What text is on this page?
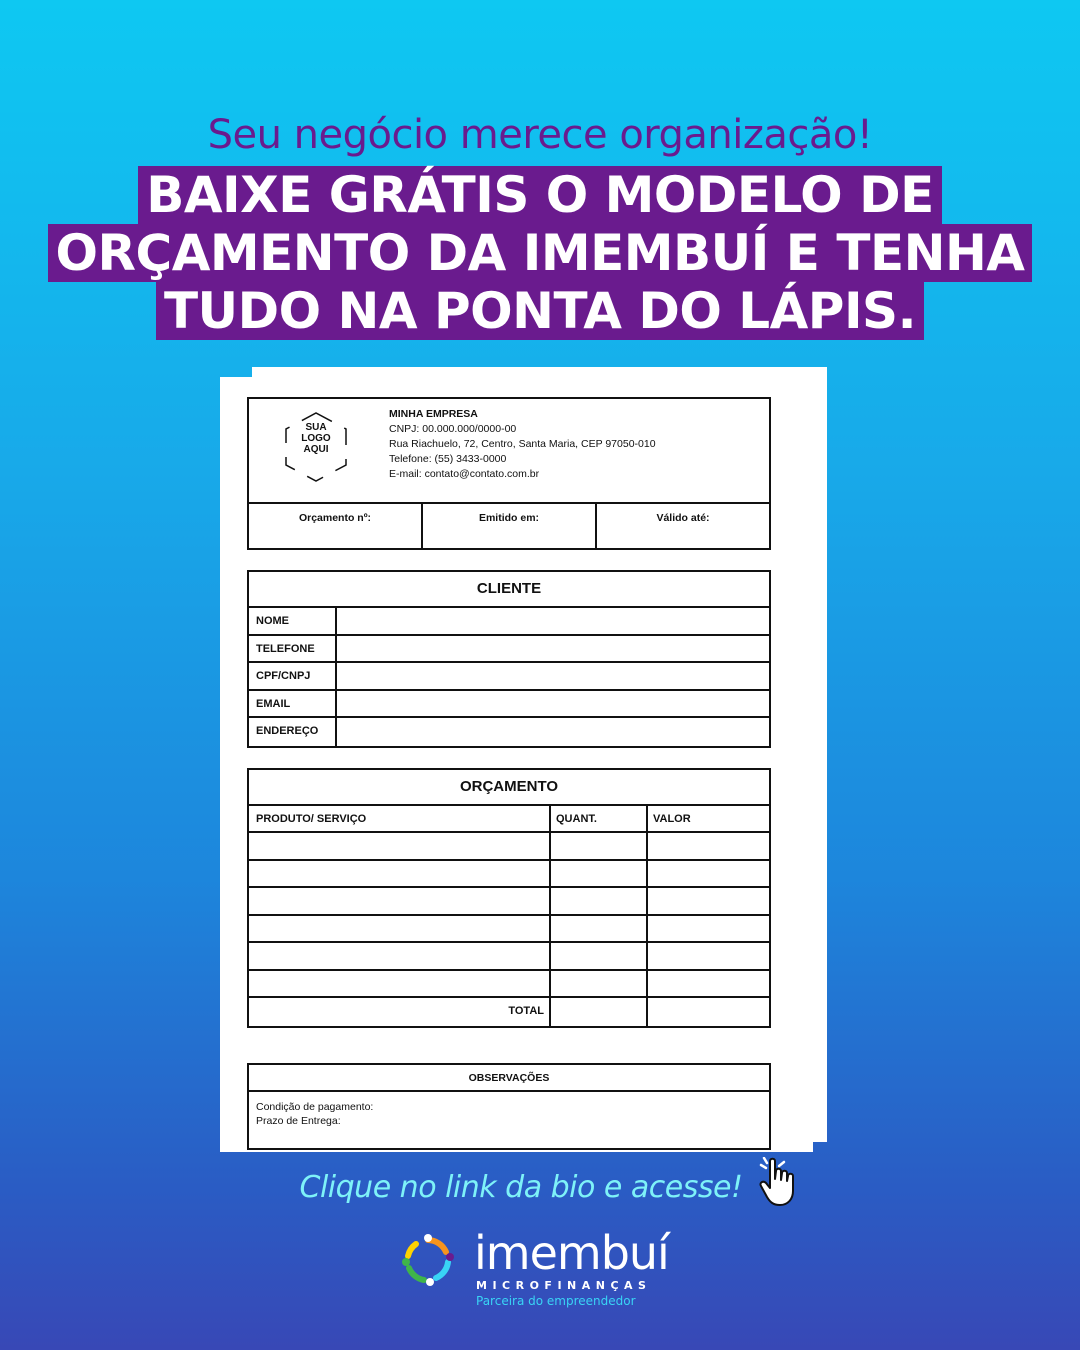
Seu negócio merece organização!
BAIXE GRÁTIS O MODELO DE
ORÇAMENTO DA IMEMBUÍ E TENHA
TUDO NA PONTA DO LÁPIS.
SUA
LOGO
AQUI
MINHA EMPRESA
CNPJ: 00.000.000/0000-00
Rua Riachuelo, 72, Centro, Santa Maria, CEP 97050-010
Telefone: (55) 3433-0000
E-mail: contato@contato.com.br
Orçamento nº:	Emitido em:	Válido até:
CLIENTE
NOME
TELEFONE
CPF/CNPJ
EMAIL
ENDEREÇO
ORÇAMENTO
PRODUTO/ SERVIÇO	QUANT.	VALOR
TOTAL
OBSERVAÇÕES
Condição de pagamento:
Prazo de Entrega:
Clique no link da bio e acesse!
imembuí
MICROFINANÇAS
Parceira do empreendedor
